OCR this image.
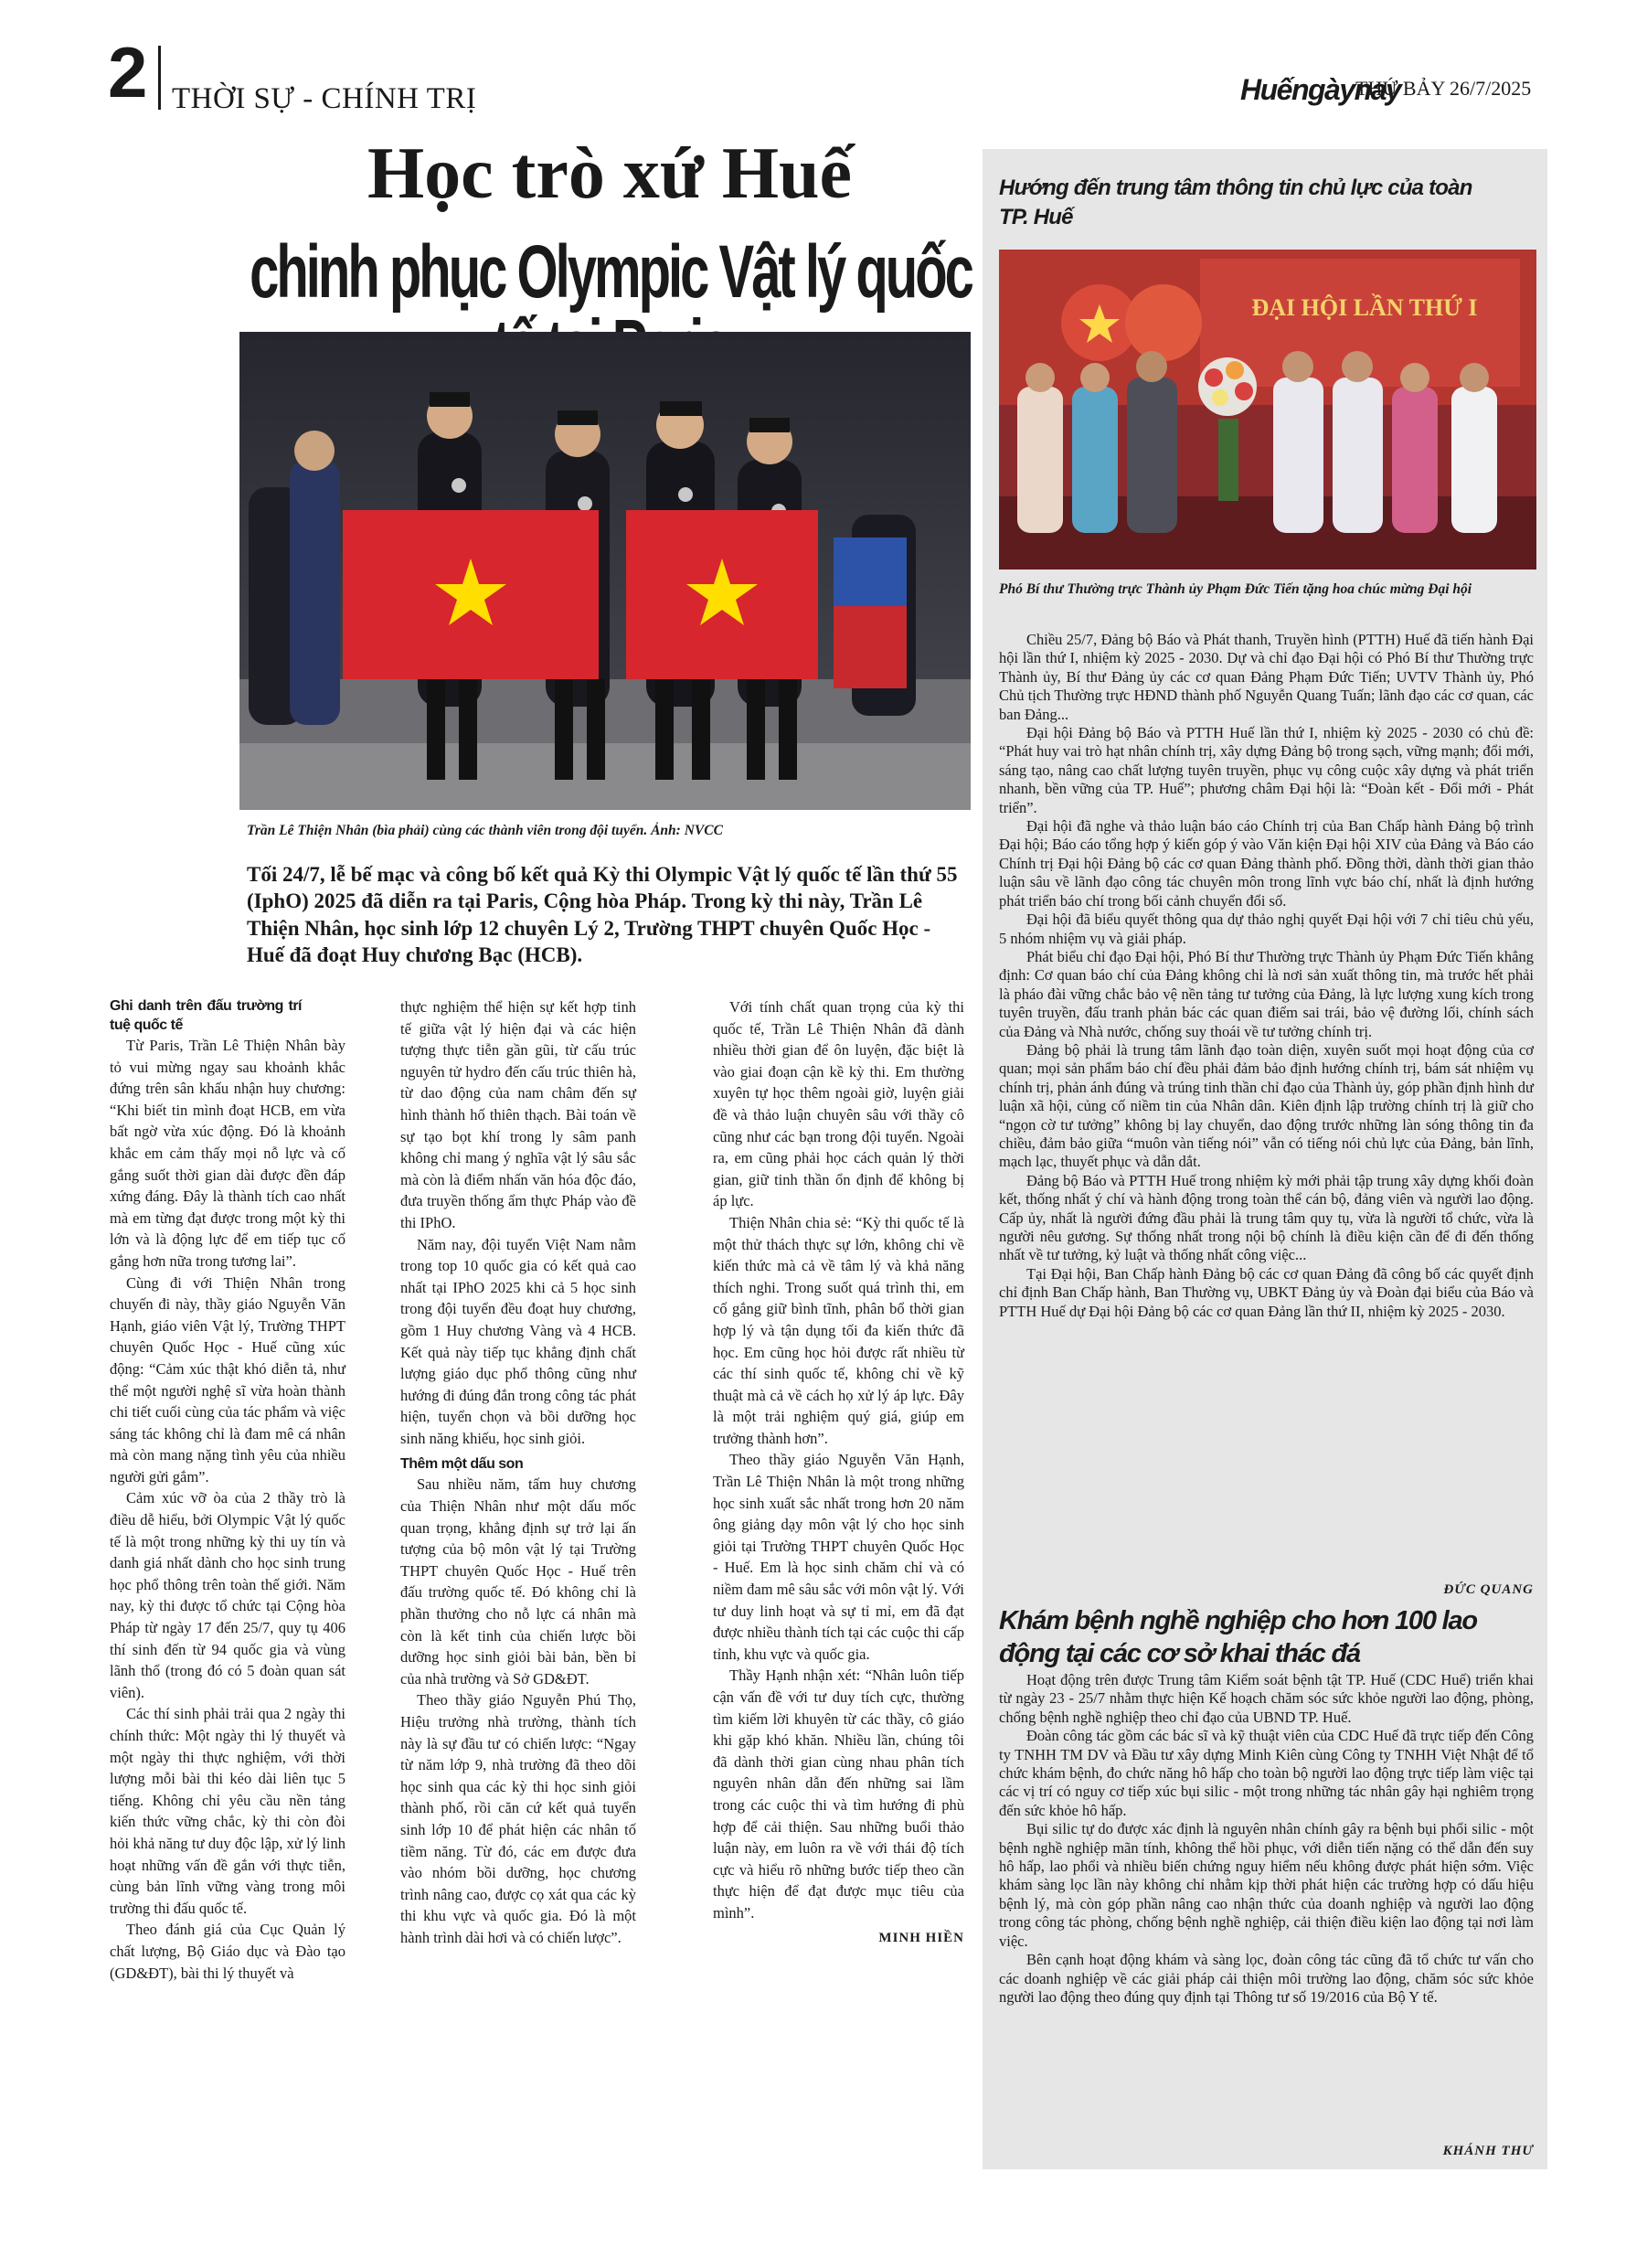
2 THỜI SỰ - CHÍNH TRỊ	Huếngàynay
THỨ BẢY 26/7/2025
Học trò xứ Huế
chinh phục Olympic Vật lý quốc
Trần Lê Thiện Nhân (bìa phải) cùng các thành viên trong đội tuyển. Ảnh: NVCC
Tối 24/7, lễ bế mạc và công bố kết quả Kỳ thi Olympic Vật lý quốc tế lần thứ 55 (IphO) 2025 đã diễn ra tại Paris, Cộng hòa Pháp. Trong kỳ thi này, Trần Lê Thiện Nhân, học sinh lớp 12 chuyên Lý 2, Trường THPT chuyên Quốc Học - Huế đã đoạt Huy chương Bạc (HCB).
Ghi danh trên đấu trường trí tuệ quốc tế

Từ Paris, Trần Lê Thiện Nhân bày tỏ vui mừng ngay sau khoảnh khắc đứng trên sân khấu nhận huy chương: “Khi biết tin mình đoạt HCB, em vừa bất ngờ vừa xúc động. Đó là khoảnh khắc em cảm thấy mọi nỗ lực và cố gắng suốt thời gian dài được đền đáp xứng đáng. Đây là thành tích cao nhất mà em từng đạt được trong một kỳ thi lớn và là động lực để em tiếp tục cố gắng hơn nữa trong tương lai”.

Cùng đi với Thiện Nhân trong chuyến đi này, thầy giáo Nguyễn Văn Hạnh, giáo viên Vật lý, Trường THPT chuyên Quốc Học - Huế cũng xúc động: “Cảm xúc thật khó diễn tả, như thể một người nghệ sĩ vừa hoàn thành chi tiết cuối cùng của tác phẩm và việc sáng tác không chỉ là đam mê cá nhân mà còn mang nặng tình yêu của nhiều người gửi gắm”.

Cảm xúc vỡ òa của 2 thầy trò là điều dễ hiểu, bởi Olympic Vật lý quốc tế là một trong những kỳ thi uy tín và danh giá nhất dành cho học sinh trung học phổ thông trên toàn thế giới. Năm nay, kỳ thi được tổ chức tại Cộng hòa Pháp từ ngày 17 đến 25/7, quy tụ 406 thí sinh đến từ 94 quốc gia và vùng lãnh thổ (trong đó có 5 đoàn quan sát viên).

Các thí sinh phải trải qua 2 ngày thi chính thức: Một ngày thi lý thuyết và một ngày thi thực nghiệm, với thời lượng mỗi bài thi kéo dài liên tục 5 tiếng. Không chỉ yêu cầu nền tảng kiến thức vững chắc, kỳ thi còn đòi hỏi khả năng tư duy độc lập, xử lý linh hoạt những vấn đề gắn với thực tiễn, cùng bản lĩnh vững vàng trong môi trường thi đấu quốc tế.

Theo đánh giá của Cục Quản lý chất lượng, Bộ Giáo dục và Đào tạo (GD&ĐT), bài thi lý thuyết và

thực nghiệm thể hiện sự kết hợp tinh tế giữa vật lý hiện đại và các hiện tượng thực tiễn gần gũi, từ cấu trúc nguyên tử hydro đến cấu trúc thiên hà, từ dao động của nam châm đến sự hình thành hố thiên thạch. Bài toán về sự tạo bọt khí trong ly sâm panh không chỉ mang ý nghĩa vật lý sâu sắc mà còn là điểm nhấn văn hóa độc đáo, đưa truyền thống ẩm thực Pháp vào đề thi IPhO.

Năm nay, đội tuyển Việt Nam nằm trong top 10 quốc gia có kết quả cao nhất tại IPhO 2025 khi cả 5 học sinh trong đội tuyển đều đoạt huy chương, gồm 1 Huy chương Vàng và 4 HCB. Kết quả này tiếp tục khẳng định chất lượng giáo dục phổ thông cũng như hướng đi đúng đắn trong công tác phát hiện, tuyển chọn và bồi dưỡng học sinh năng khiếu, học sinh giỏi.

Thêm một dấu son

Sau nhiều năm, tấm huy chương của Thiện Nhân như một dấu mốc quan trọng, khẳng định sự trở lại ấn tượng của bộ môn vật lý tại Trường THPT chuyên Quốc Học - Huế trên đấu trường quốc tế. Đó không chỉ là phần thưởng cho nỗ lực cá nhân mà còn là kết tinh của chiến lược bồi dưỡng học sinh giỏi bài bản, bền bỉ của nhà trường và Sở GD&ĐT.

Theo thầy giáo Nguyễn Phú Thọ, Hiệu trưởng nhà trường, thành tích này là sự đầu tư có chiến lược: “Ngay từ năm lớp 9, nhà trường đã theo dõi học sinh qua các kỳ thi học sinh giỏi thành phố, rồi căn cứ kết quả tuyển sinh lớp 10 để phát hiện các nhân tố tiềm năng. Từ đó, các em được đưa vào nhóm bồi dưỡng, học chương trình nâng cao, được cọ xát qua các kỳ thi khu vực và quốc gia. Đó là một hành trình dài hơi và có chiến lược”.

Với tính chất quan trọng của kỳ thi quốc tế, Trần Lê Thiện Nhân đã dành nhiều thời gian để ôn luyện, đặc biệt là vào giai đoạn cận kề kỳ thi. Em thường xuyên tự học thêm ngoài giờ, luyện giải đề và thảo luận chuyên sâu với thầy cô cũng như các bạn trong đội tuyển. Ngoài ra, em cũng phải học cách quản lý thời gian, giữ tinh thần ổn định để không bị áp lực.

Thiện Nhân chia sẻ: “Kỳ thi quốc tế là một thử thách thực sự lớn, không chỉ về kiến thức mà cả về tâm lý và khả năng thích nghi. Trong suốt quá trình thi, em cố gắng giữ bình tĩnh, phân bổ thời gian hợp lý và tận dụng tối đa kiến thức đã học. Em cũng học hỏi được rất nhiều từ các thí sinh quốc tế, không chỉ về kỹ thuật mà cả về cách họ xử lý áp lực. Đây là một trải nghiệm quý giá, giúp em trưởng thành hơn”.

Theo thầy giáo Nguyễn Văn Hạnh, Trần Lê Thiện Nhân là một trong những học sinh xuất sắc nhất trong hơn 20 năm ông giảng dạy môn vật lý cho học sinh giỏi tại Trường THPT chuyên Quốc Học - Huế. Em là học sinh chăm chỉ và có niềm đam mê sâu sắc với môn vật lý. Với tư duy linh hoạt và sự tỉ mỉ, em đã đạt được nhiều thành tích tại các cuộc thi cấp tỉnh, khu vực và quốc gia.

Thầy Hạnh nhận xét: “Nhân luôn tiếp cận vấn đề với tư duy tích cực, thường tìm kiếm lời khuyên từ các thầy, cô giáo khi gặp khó khăn. Nhiều lần, chúng tôi đã dành thời gian cùng nhau phân tích nguyên nhân dẫn đến những sai lầm trong các cuộc thi và tìm hướng đi phù hợp để cải thiện. Sau những buổi thảo luận này, em luôn ra về với thái độ tích cực và hiểu rõ những bước tiếp theo cần thực hiện để đạt được mục tiêu của mình”.

MINH HIỀN
Hướng đến trung tâm thông tin chủ lực của toàn TP. Huế
ĐẠI HỘI LẦN THỨ I
Phó Bí thư Thường trực Thành ủy Phạm Đức Tiến tặng hoa chúc mừng Đại hội

Chiều 25/7, Đảng bộ Báo và Phát thanh, Truyền hình (PTTH) Huế đã tiến hành Đại hội lần thứ I, nhiệm kỳ 2025 - 2030. Dự và chỉ đạo Đại hội có Phó Bí thư Thường trực Thành ủy, Bí thư Đảng ủy các cơ quan Đảng Phạm Đức Tiến; UVTV Thành ủy, Phó Chủ tịch Thường trực HĐND thành phố Nguyễn Quang Tuấn; lãnh đạo các cơ quan, các ban Đảng...

Đại hội Đảng bộ Báo và PTTH Huế lần thứ I, nhiệm kỳ 2025 - 2030 có chủ đề: “Phát huy vai trò hạt nhân chính trị, xây dựng Đảng bộ trong sạch, vững mạnh; đổi mới, sáng tạo, nâng cao chất lượng tuyên truyền, phục vụ công cuộc xây dựng và phát triển nhanh, bền vững của TP. Huế”; phương châm Đại hội là: “Đoàn kết - Đổi mới - Phát triển”.

Đại hội đã nghe và thảo luận báo cáo Chính trị của Ban Chấp hành Đảng bộ trình Đại hội; Báo cáo tổng hợp ý kiến góp ý vào Văn kiện Đại hội XIV của Đảng và Báo cáo Chính trị Đại hội Đảng bộ các cơ quan Đảng thành phố. Đồng thời, dành thời gian thảo luận sâu về lãnh đạo công tác chuyên môn trong lĩnh vực báo chí, nhất là định hướng phát triển báo chí trong bối cảnh chuyển đổi số.

Đại hội đã biểu quyết thông qua dự thảo nghị quyết Đại hội với 7 chỉ tiêu chủ yếu, 5 nhóm nhiệm vụ và giải pháp.

Phát biểu chỉ đạo Đại hội, Phó Bí thư Thường trực Thành ủy Phạm Đức Tiến khẳng định: Cơ quan báo chí của Đảng không chỉ là nơi sản xuất thông tin, mà trước hết phải là pháo đài vững chắc bảo vệ nền tảng tư tưởng của Đảng, là lực lượng xung kích trong tuyên truyền, đấu tranh phản bác các quan điểm sai trái, bảo vệ đường lối, chính sách của Đảng và Nhà nước, chống suy thoái về tư tưởng chính trị.

Đảng bộ phải là trung tâm lãnh đạo toàn diện, xuyên suốt mọi hoạt động của cơ quan; mọi sản phẩm báo chí đều phải đảm bảo định hướng chính trị, bám sát nhiệm vụ chính trị, phản ánh đúng và trúng tinh thần chỉ đạo của Thành ủy, góp phần định hình dư luận xã hội, củng cố niềm tin của Nhân dân. Kiên định lập trường chính trị là giữ cho “ngọn cờ tư tưởng” không bị lay chuyển, dao động trước những làn sóng thông tin đa chiều, đảm bảo giữa “muôn vàn tiếng nói” vẫn có tiếng nói chủ lực của Đảng, bản lĩnh, mạch lạc, thuyết phục và dẫn dắt.

Đảng bộ Báo và PTTH Huế trong nhiệm kỳ mới phải tập trung xây dựng khối đoàn kết, thống nhất ý chí và hành động trong toàn thể cán bộ, đảng viên và người lao động. Cấp ủy, nhất là người đứng đầu phải là trung tâm quy tụ, vừa là người tổ chức, vừa là người nêu gương. Sự thống nhất trong nội bộ chính là điều kiện cần để đi đến thống nhất về tư tưởng, kỷ luật và thống nhất công việc...

Tại Đại hội, Ban Chấp hành Đảng bộ các cơ quan Đảng đã công bố các quyết định chỉ định Ban Chấp hành, Ban Thường vụ, UBKT Đảng ủy và Đoàn đại biểu của Báo và PTTH Huế dự Đại hội Đảng bộ các cơ quan Đảng lần thứ II, nhiệm kỳ 2025 - 2030.

ĐỨC QUANG
Khám bệnh nghề nghiệp cho hơn 100 lao động tại các cơ sở khai thác đá

Hoạt động trên được Trung tâm Kiểm soát bệnh tật TP. Huế (CDC Huế) triển khai từ ngày 23 - 25/7 nhằm thực hiện Kế hoạch chăm sóc sức khỏe người lao động, phòng, chống bệnh nghề nghiệp theo chỉ đạo của UBND TP. Huế.

Đoàn công tác gồm các bác sĩ và kỹ thuật viên của CDC Huế đã trực tiếp đến Công ty TNHH TM DV và Đầu tư xây dựng Minh Kiên cùng Công ty TNHH Việt Nhật để tổ chức khám bệnh, đo chức năng hô hấp cho toàn bộ người lao động trực tiếp làm việc tại các vị trí có nguy cơ tiếp xúc bụi silic - một trong những tác nhân gây hại nghiêm trọng đến sức khỏe hô hấp.

Bụi silic tự do được xác định là nguyên nhân chính gây ra bệnh bụi phổi silic - một bệnh nghề nghiệp mãn tính, không thể hồi phục, với diễn tiến nặng có thể dẫn đến suy hô hấp, lao phổi và nhiều biến chứng nguy hiểm nếu không được phát hiện sớm. Việc khám sàng lọc lần này không chỉ nhằm kịp thời phát hiện các trường hợp có dấu hiệu bệnh lý, mà còn góp phần nâng cao nhận thức của doanh nghiệp và người lao động trong công tác phòng, chống bệnh nghề nghiệp, cải thiện điều kiện lao động tại nơi làm việc.

Bên cạnh hoạt động khám và sàng lọc, đoàn công tác cũng đã tổ chức tư vấn cho các doanh nghiệp về các giải pháp cải thiện môi trường lao động, chăm sóc sức khỏe người lao động theo đúng quy định tại Thông tư số 19/2016 của Bộ Y tế.

KHÁNH THƯ
